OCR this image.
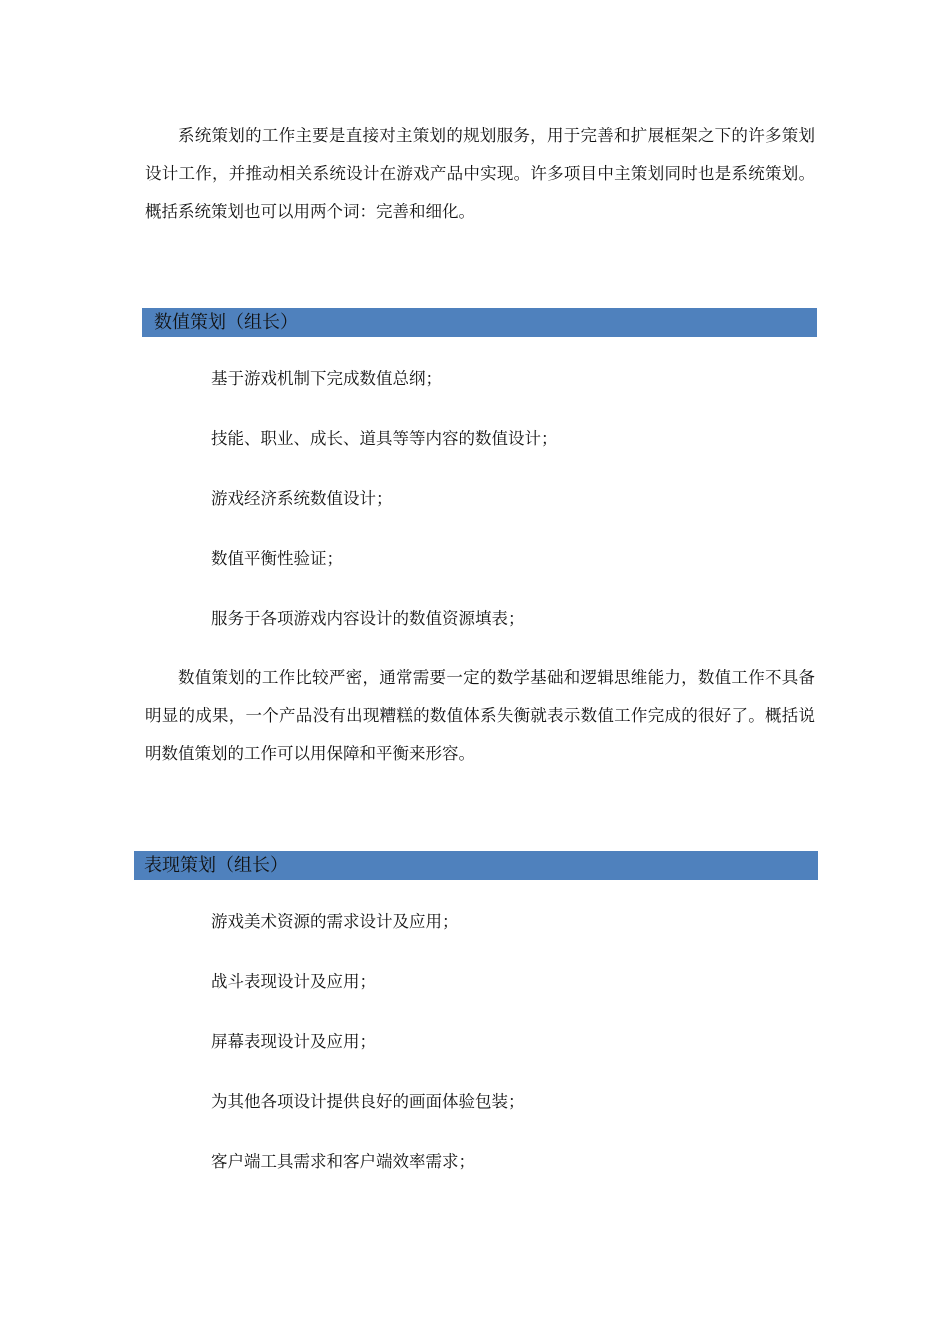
系统策划的工作主要是直接对主策划的规划服务，用于完善和扩展框架之下的许多策划设计工作，并推动相关系统设计在游戏产品中实现。许多项目中主策划同时也是系统策划。概括系统策划也可以用两个词：完善和细化。

数值策划（组长）
基于游戏机制下完成数值总纲；
技能、职业、成长、道具等等内容的数值设计；
游戏经济系统数值设计；
数值平衡性验证；
服务于各项游戏内容设计的数值资源填表；

数值策划的工作比较严密，通常需要一定的数学基础和逻辑思维能力，数值工作不具备明显的成果，一个产品没有出现糟糕的数值体系失衡就表示数值工作完成的很好了。概括说明数值策划的工作可以用保障和平衡来形容。

表现策划（组长）
游戏美术资源的需求设计及应用；
战斗表现设计及应用；
屏幕表现设计及应用；
为其他各项设计提供良好的画面体验包装；
客户端工具需求和客户端效率需求；
